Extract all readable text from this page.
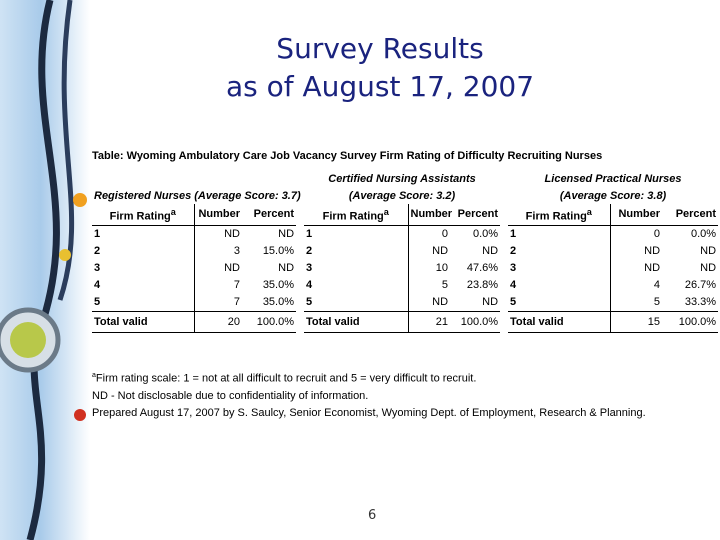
Survey Results
as of August 17, 2007
Table: Wyoming Ambulatory Care Job Vacancy Survey Firm Rating of Difficulty Recruiting Nurses
				Certified Nursing Assistants				Licensed Practical Nurses		
Registered Nurses (Average Score: 3.7)				(Average Score: 3.2)				(Average Score: 3.8)		
Firm Rating$^a$	Number	Percent		Firm Rating$^a$	Number	Percent		Firm Rating$^a$	Number	Percent
1	ND	ND		1	0	0.0%		1	0	0.0%
2	3	15.0%		2	ND	ND		2	ND	ND
3	ND	ND		3	10	47.6%		3	ND	ND
4	7	35.0%		4	5	23.8%		4	4	26.7%
5	7	35.0%		5	ND	ND		5	5	33.3%
Total valid	20	100.0%		Total valid	21	100.0%		Total valid	15	100.0%
$^a$Firm rating scale: 1 = not at all difficult to recruit and 5 = very difficult to recruit.
ND - Not disclosable due to confidentiality of information.
Prepared August 17, 2007 by S. Saulcy, Senior Economist, Wyoming Dept. of Employment, Research & Planning.
6
